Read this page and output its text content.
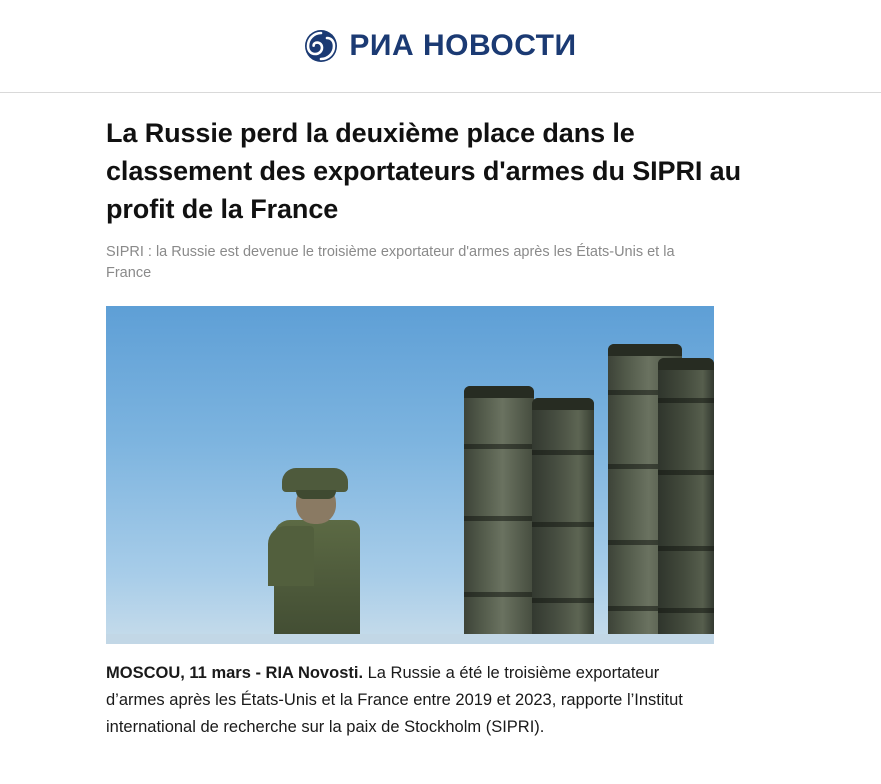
РИА НОВОСТИ
La Russie perd la deuxième place dans le classement des exportateurs d'armes du SIPRI au profit de la France

SIPRI : la Russie est devenue le troisième exportateur d'armes après les États-Unis et la France

MOSCOU, 11 mars - RIA Novosti. La Russie a été le troisième exportateur d’armes après les États-Unis et la France entre 2019 et 2023, rapporte l’Institut international de recherche sur la paix de Stockholm (SIPRI).
